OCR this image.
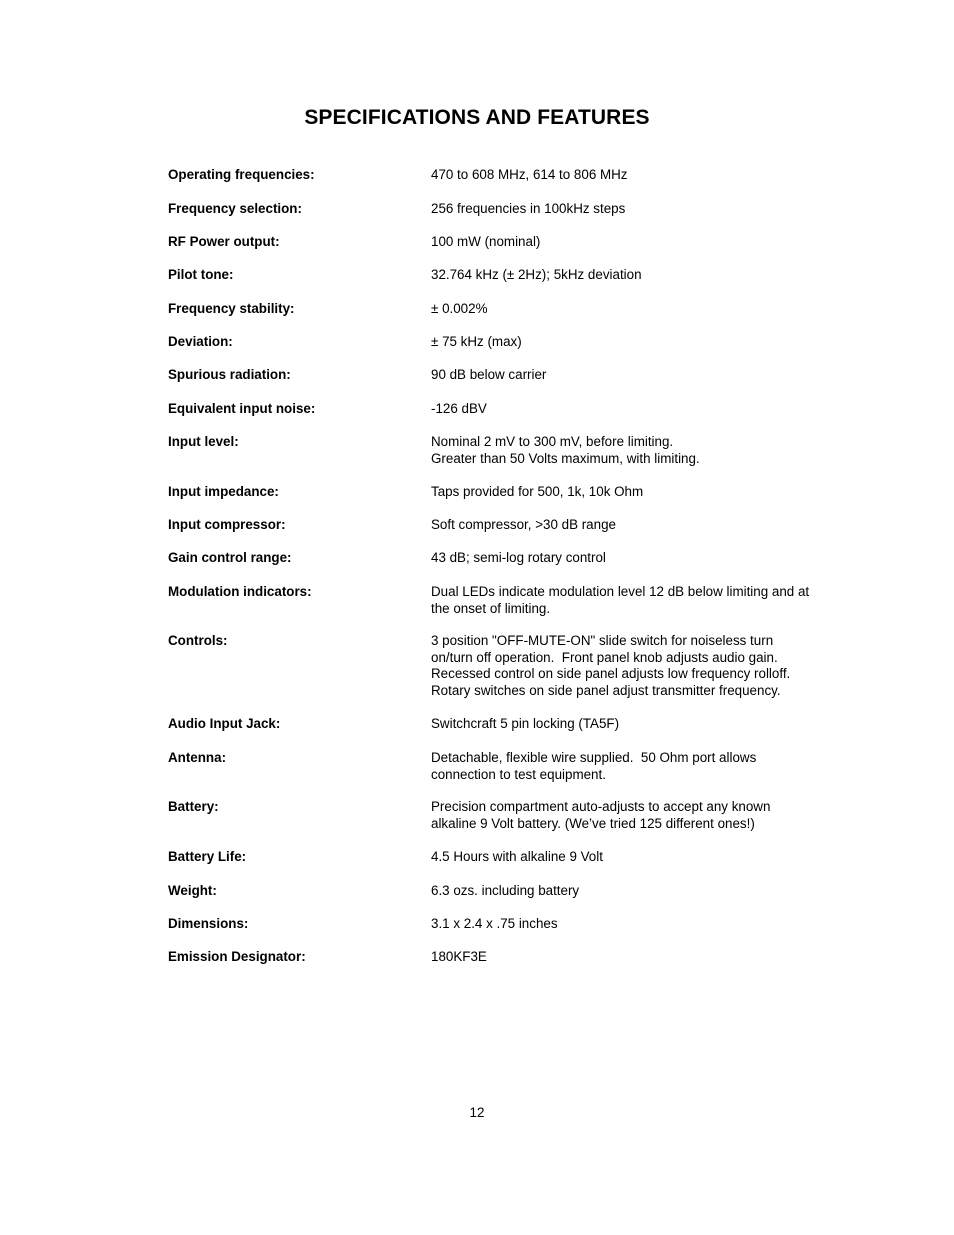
SPECIFICATIONS AND FEATURES
Operating frequencies:	470 to 608 MHz, 614 to 806 MHz
Frequency selection:	256 frequencies in 100kHz steps
RF Power output:	100 mW (nominal)
Pilot tone:	32.764 kHz (± 2Hz); 5kHz deviation
Frequency stability:	± 0.002%
Deviation:	± 75 kHz (max)
Spurious radiation:	90 dB below carrier
Equivalent input noise:	-126 dBV
Input level:	Nominal 2 mV to 300 mV, before limiting.
Greater than 50 Volts maximum, with limiting.
Input impedance:	Taps provided for 500, 1k, 10k Ohm
Input compressor:	Soft compressor, >30 dB range
Gain control range:	43 dB; semi-log rotary control
Modulation indicators:	Dual LEDs indicate modulation level 12 dB below limiting and at
the onset of limiting.
Controls:	3 position "OFF-MUTE-ON" slide switch for noiseless turn
on/turn off operation.  Front panel knob adjusts audio gain.
Recessed control on side panel adjusts low frequency rolloff.
Rotary switches on side panel adjust transmitter frequency.
Audio Input Jack:	Switchcraft 5 pin locking (TA5F)
Antenna:	Detachable, flexible wire supplied.  50 Ohm port allows
connection to test equipment.
Battery:	Precision compartment auto-adjusts to accept any known
alkaline 9 Volt battery. (We’ve tried 125 different ones!)
Battery Life:	4.5 Hours with alkaline 9 Volt
Weight:	6.3 ozs. including battery
Dimensions:	3.1 x 2.4 x .75 inches
Emission Designator:	180KF3E
12
